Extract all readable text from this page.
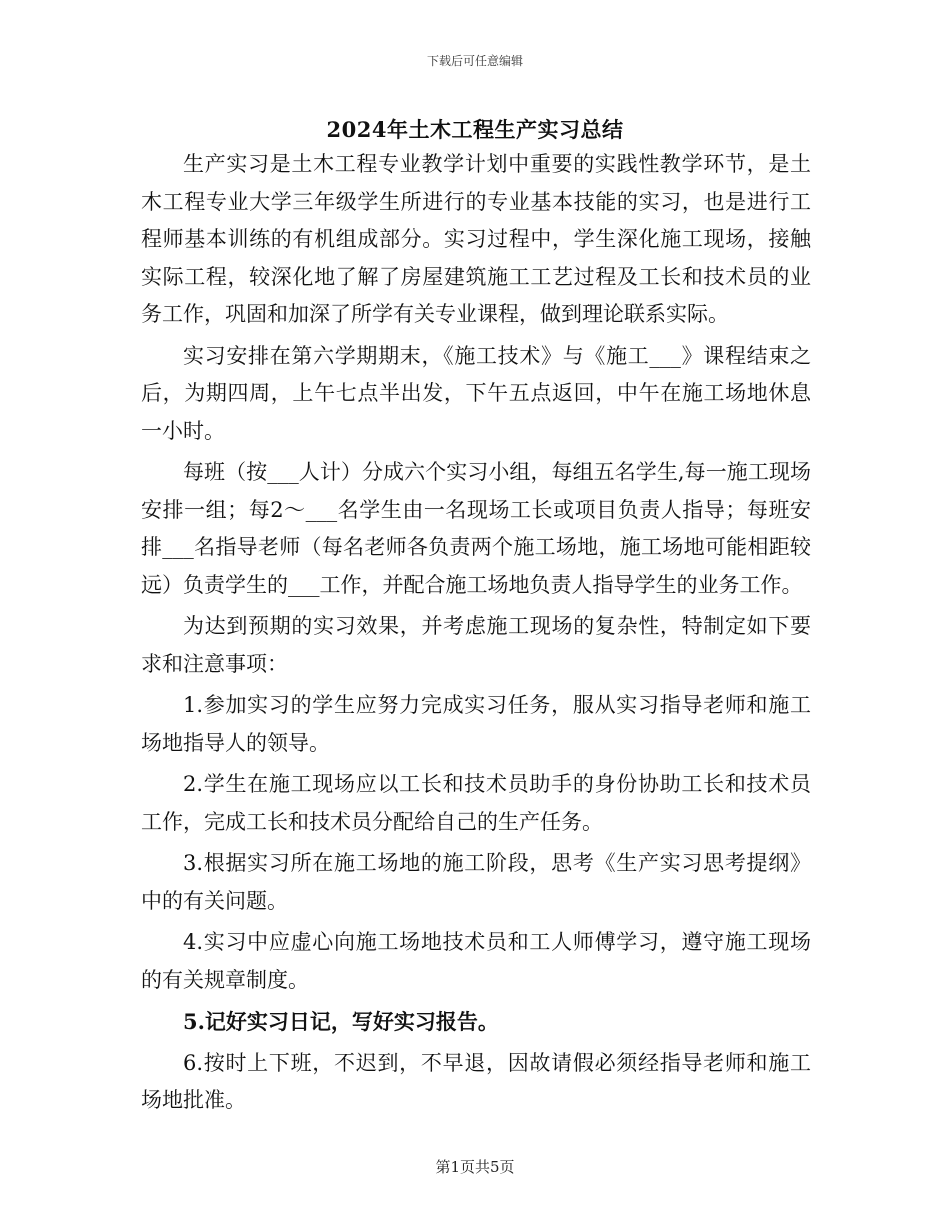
下载后可任意编辑
2024年土木工程生产实习总结

生产实习是土木工程专业教学计划中重要的实践性教学环节，是土木工程专业大学三年级学生所进行的专业基本技能的实习，也是进行工程师基本训练的有机组成部分。实习过程中，学生深化施工现场，接触实际工程，较深化地了解了房屋建筑施工工艺过程及工长和技术员的业务工作，巩固和加深了所学有关专业课程，做到理论联系实际。

实习安排在第六学期期末，《施工技术》与《施工___》课程结束之后，为期四周，上午七点半出发，下午五点返回，中午在施工场地休息一小时。

每班（按___人计）分成六个实习小组，每组五名学生,每一施工现场安排一组；每2～___名学生由一名现场工长或项目负责人指导；每班安排___名指导老师（每名老师各负责两个施工场地，施工场地可能相距较远）负责学生的___工作，并配合施工场地负责人指导学生的业务工作。

为达到预期的实习效果，并考虑施工现场的复杂性，特制定如下要求和注意事项：

1.参加实习的学生应努力完成实习任务，服从实习指导老师和施工场地指导人的领导。

2.学生在施工现场应以工长和技术员助手的身份协助工长和技术员工作，完成工长和技术员分配给自己的生产任务。

3.根据实习所在施工场地的施工阶段，思考《生产实习思考提纲》中的有关问题。

4.实习中应虚心向施工场地技术员和工人师傅学习，遵守施工现场的有关规章制度。

5.记好实习日记，写好实习报告。

6.按时上下班，不迟到，不早退，因故请假必须经指导老师和施工场地批准。

第1页共5页
